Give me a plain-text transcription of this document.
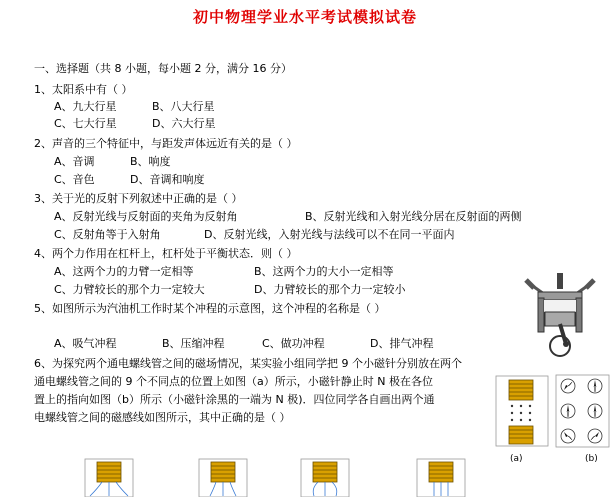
初中物理学业水平考试模拟试卷
一、选择题（共 8 小题，每小题 2 分，满分 16 分）
1、太阳系中有（ ）
A、九大行星	B、八大行星
C、七大行星	D、六大行星
2、声音的三个特征中，与距发声体远近有关的是（ ）
A、音调	B、响度
C、音色	D、音调和响度
3、关于光的反射下列叙述中正确的是（ ）
A、反射光线与反射面的夹角为反射角	B、反射光线和入射光线分居在反射面的两侧
C、反射角等于入射角	D、反射光线，入射光线与法线可以不在同一平面内
4、两个力作用在杠杆上，杠杆处于平衡状态．则（ ）
A、这两个力的力臂一定相等	B、这两个力的大小一定相等
C、力臂较长的那个力一定较大	D、力臂较长的那个力一定较小
5、如图所示为汽油机工作时某个冲程的示意图，这个冲程的名称是（ ）
A、吸气冲程	B、压缩冲程	C、做功冲程	D、排气冲程
6、为探究两个通电螺线管之间的磁场情况，某实验小组同学把 9 个小磁针分别放在两个
通电螺线管之间的 9 个不同点的位置上如图（a）所示，小磁针静止时 N 极在各位
置上的指向如图（b）所示（小磁针涂黑的一端为 N 极)．四位同学各自画出两个通
电螺线管之间的磁感线如图所示，其中正确的是（ ）
(a)	(b)
